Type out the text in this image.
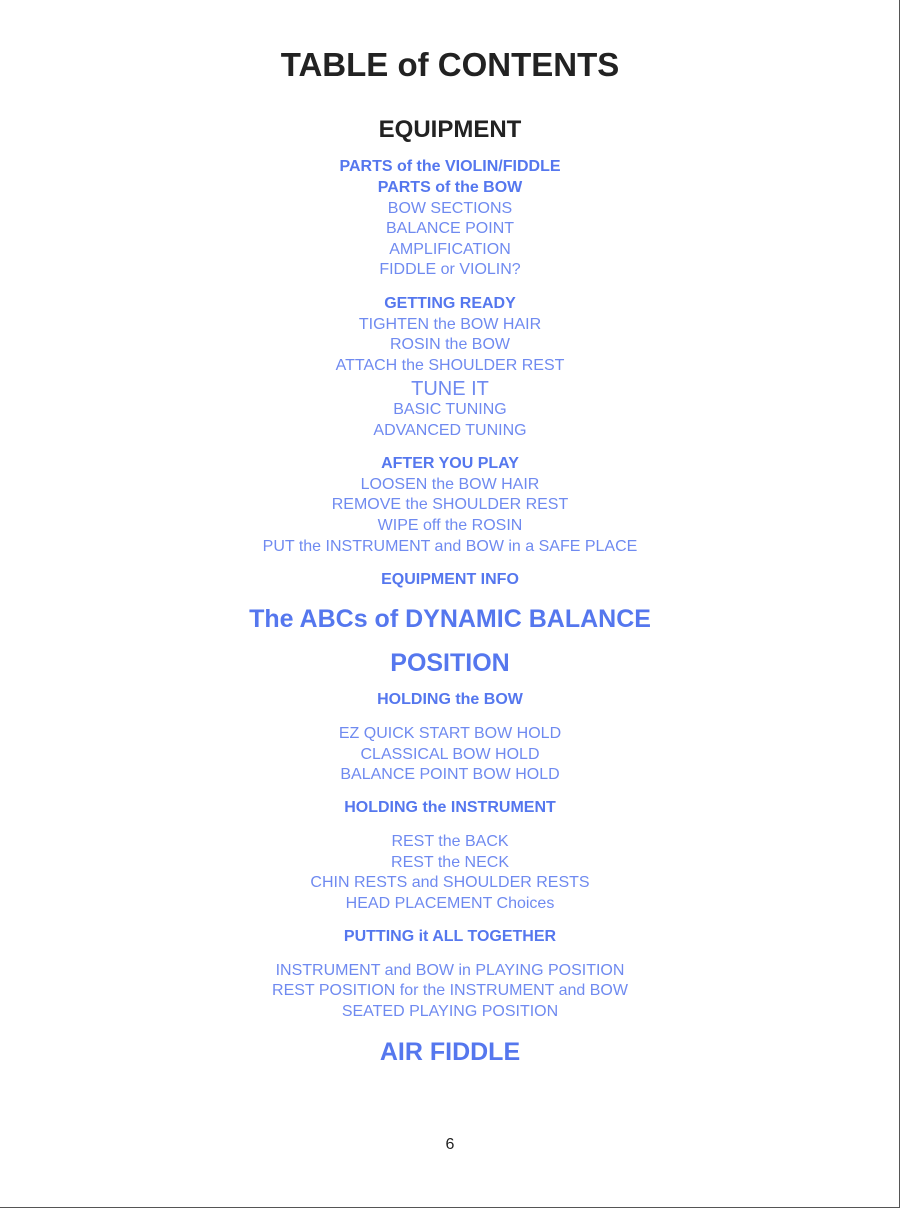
TABLE of CONTENTS
EQUIPMENT
PARTS of the VIOLIN/FIDDLE
PARTS of the BOW
BOW SECTIONS
BALANCE POINT
AMPLIFICATION
FIDDLE or VIOLIN?
GETTING READY
TIGHTEN the BOW HAIR
ROSIN the BOW
ATTACH the SHOULDER REST
TUNE IT
BASIC TUNING
ADVANCED TUNING
AFTER YOU PLAY
LOOSEN the BOW HAIR
REMOVE the SHOULDER REST
WIPE off the ROSIN
PUT the INSTRUMENT and BOW in a SAFE PLACE
EQUIPMENT INFO
The ABCs of DYNAMIC BALANCE
POSITION
HOLDING the BOW
EZ QUICK START BOW HOLD
CLASSICAL BOW HOLD
BALANCE POINT BOW HOLD
HOLDING the INSTRUMENT
REST the BACK
REST the NECK
CHIN RESTS and SHOULDER RESTS
HEAD PLACEMENT Choices
PUTTING it ALL TOGETHER
INSTRUMENT and BOW in PLAYING POSITION
REST POSITION for the INSTRUMENT and BOW
SEATED PLAYING POSITION
AIR FIDDLE
6
